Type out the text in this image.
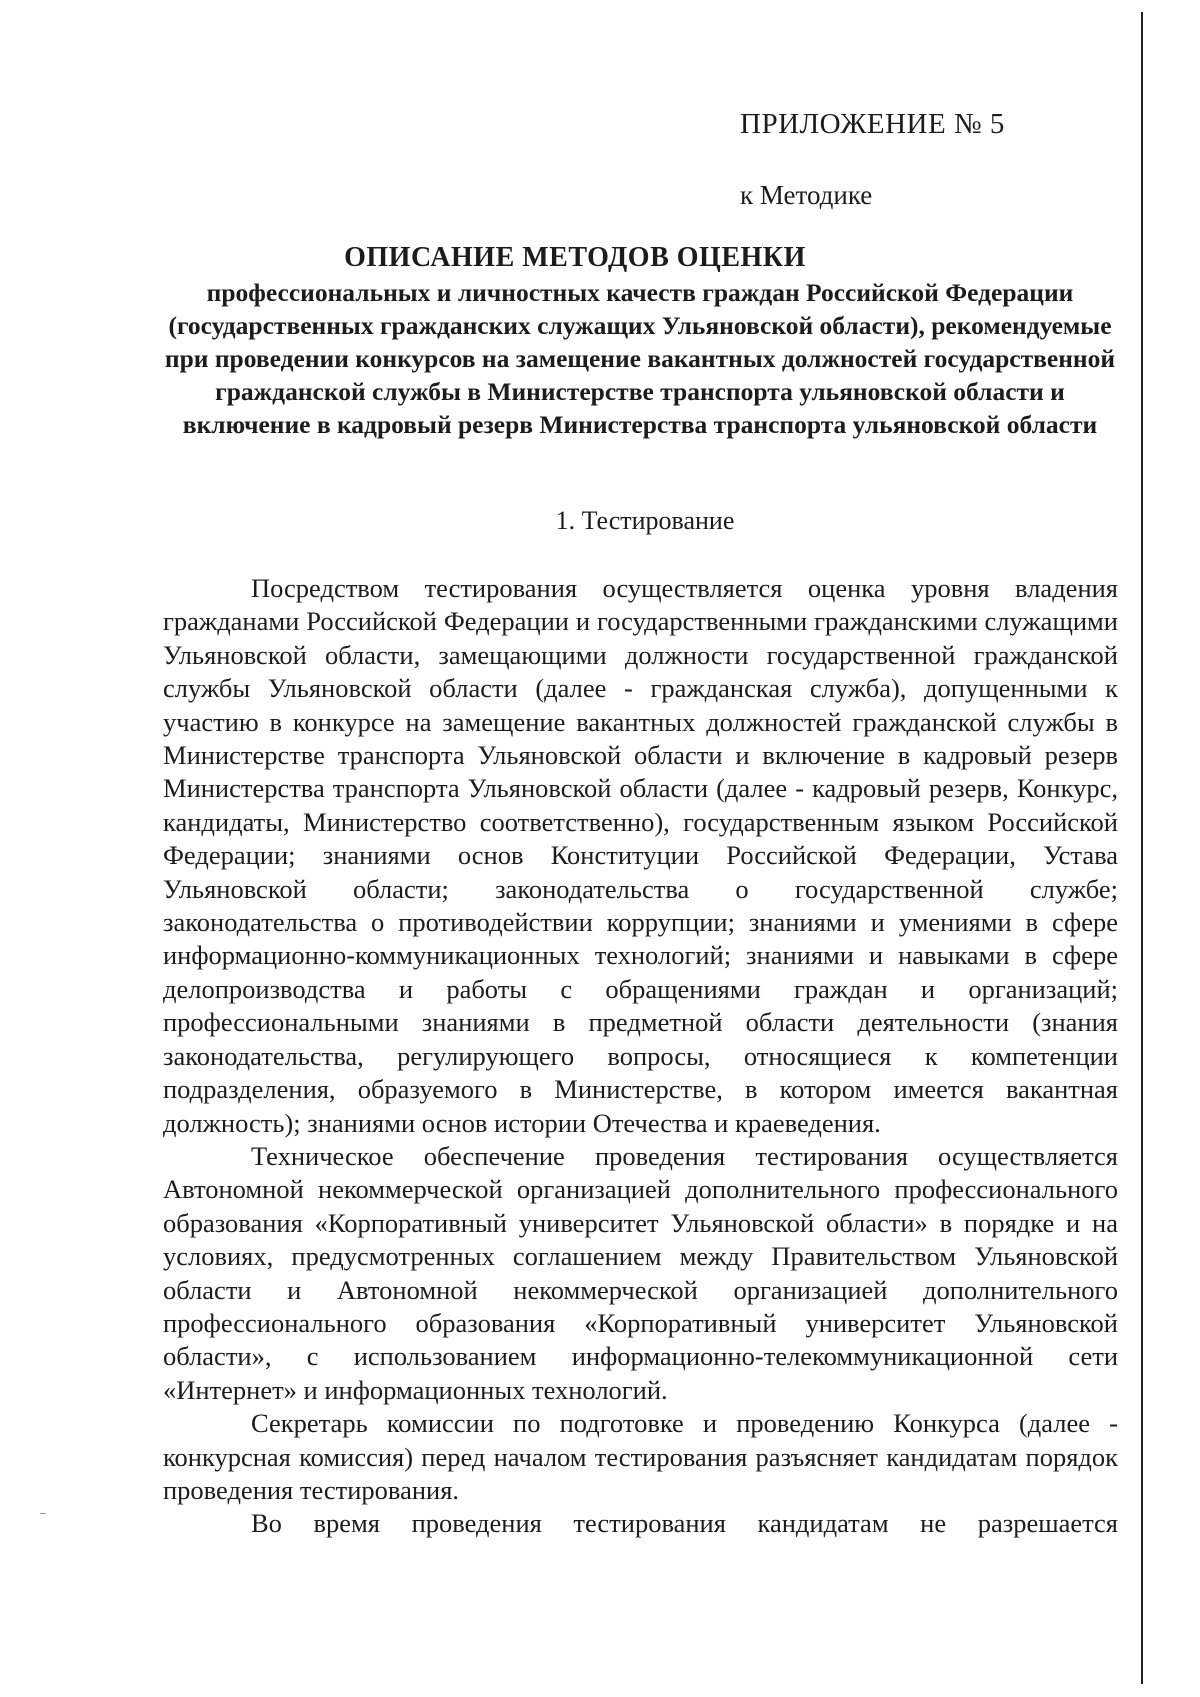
ПРИЛОЖЕНИЕ № 5
к Методике
ОПИСАНИЕ МЕТОДОВ ОЦЕНКИ
профессиональных и личностных качеств граждан Российской Федерации (государственных гражданских служащих Ульяновской области), рекомендуемые при проведении конкурсов на замещение вакантных должностей государственной гражданской службы в Министерстве транспорта ульяновской области и включение в кадровый резерв Министерства транспорта ульяновской области
1. Тестирование

Посредством тестирования осуществляется оценка уровня владения гражданами Российской Федерации и государственными гражданскими служащими Ульяновской области, замещающими должности государственной гражданской службы Ульяновской области (далее - гражданская служба), допущенными к участию в конкурсе на замещение вакантных должностей гражданской службы в Министерстве транспорта Ульяновской области и включение в кадровый резерв Министерства транспорта Ульяновской области (далее - кадровый резерв, Конкурс, кандидаты, Министерство соответственно), государственным языком Российской Федерации; знаниями основ Конституции Российской Федерации, Устава Ульяновской области; законодательства о государственной службе; законодательства о противодействии коррупции; знаниями и умениями в сфере информационно-коммуникационных технологий; знаниями и навыками в сфере делопроизводства и работы с обращениями граждан и организаций; профессиональными знаниями в предметной области деятельности (знания законодательства, регулирующего вопросы, относящиеся к компетенции подразделения, образуемого в Министерстве, в котором имеется вакантная должность); знаниями основ истории Отечества и краеведения.

Техническое обеспечение проведения тестирования осуществляется Автономной некоммерческой организацией дополнительного профессионального образования «Корпоративный университет Ульяновской области» в порядке и на условиях, предусмотренных соглашением между Правительством Ульяновской области и Автономной некоммерческой организацией дополнительного профессионального образования «Корпоративный университет Ульяновской области», с использованием информационно-телекоммуникационной сети «Интернет» и информационных технологий.

Секретарь комиссии по подготовке и проведению Конкурса (далее - конкурсная комиссия) перед началом тестирования разъясняет кандидатам порядок проведения тестирования.

Во время проведения тестирования кандидатам не разрешается
